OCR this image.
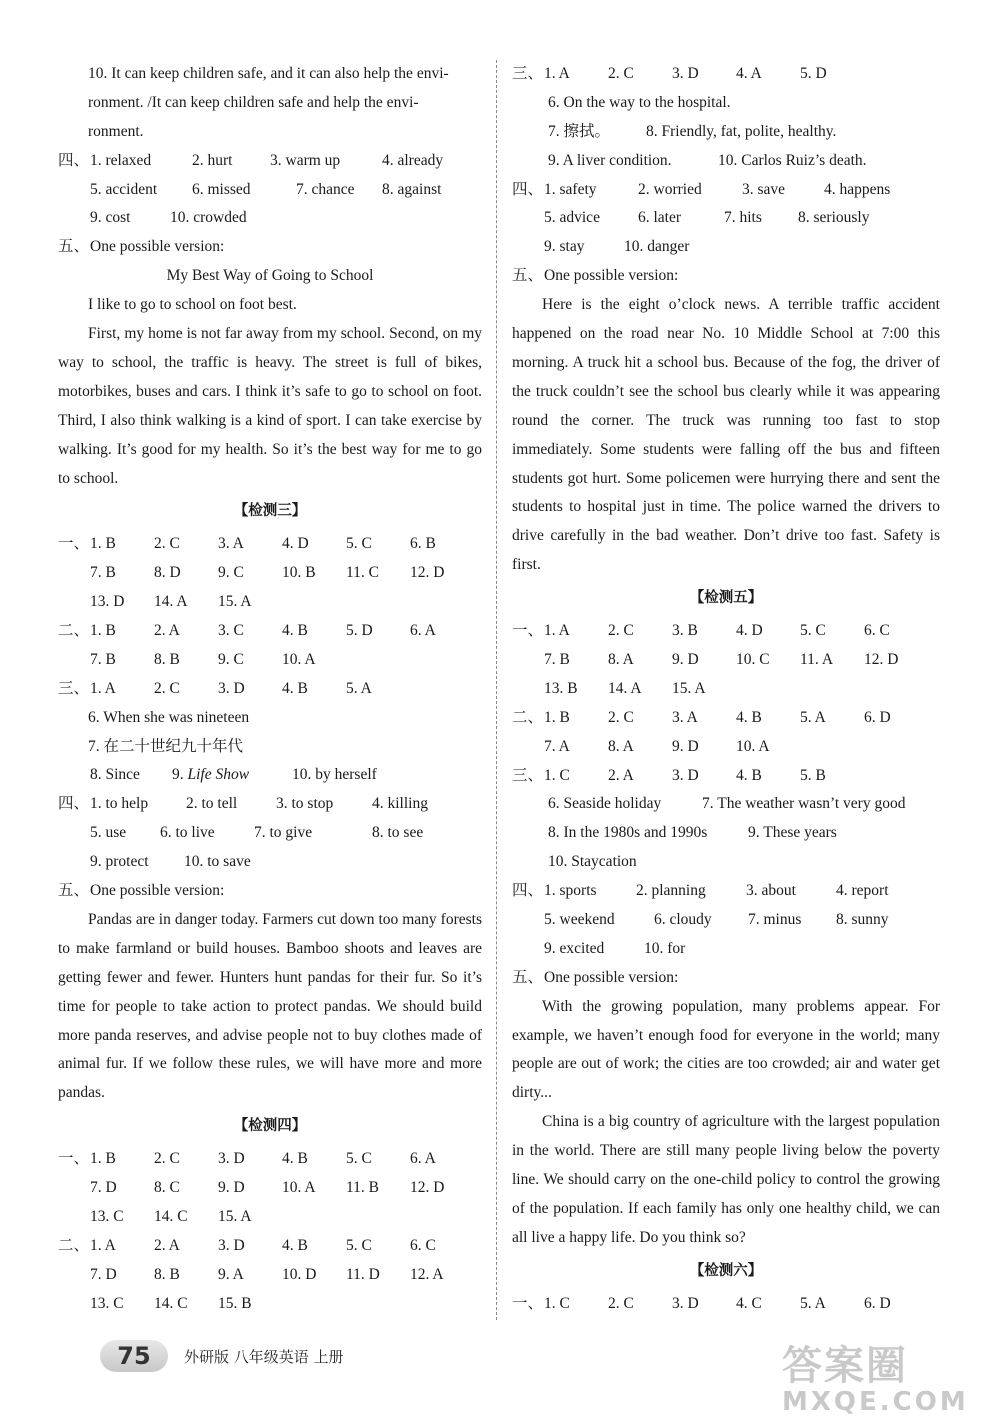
10. It can keep children safe, and it can also help the envi-
ronment. /It can keep children safe and help the envi-
ronment.
四、 1. relaxed	2. hurt	3. warm up	4. already
5. accident	6. missed	7. chance	8. against
9. cost	10. crowded
五、 One possible version:
My Best Way of Going to School
I like to go to school on foot best.

First, my home is not far away from my school. Second, on my way to school, the traffic is heavy. The street is full of bikes, motorbikes, buses and cars. I think it’s safe to go to school on foot. Third, I also think walking is a kind of sport. I can take exercise by walking. It’s good for my health. So it’s the best way for me to go to school.

【检测三】
一、 1. B	2. C	3. A	4. D	5. C	6. B
7. B	8. D	9. C	10. B	11. C	12. D
13. D	14. A	15. A
二、 1. B	2. A	3. C	4. B	5. D	6. A
7. B	8. B	9. C	10. A
三、 1. A	2. C	3. D	4. B	5. A
6. When she was nineteen
7. 在二十世纪九十年代
8. Since	9. Life Show	10. by herself
四、 1. to help	2. to tell	3. to stop	4. killing
5. use	6. to live	7. to give	8. to see
9. protect	10. to save
五、 One possible version:

Pandas are in danger today. Farmers cut down too many forests to make farmland or build houses. Bamboo shoots and leaves are getting fewer and fewer. Hunters hunt pandas for their fur. So it’s time for people to take action to protect pandas. We should build more panda reserves, and advise people not to buy clothes made of animal fur. If we follow these rules, we will have more and more pandas.

【检测四】
一、 1. B	2. C	3. D	4. B	5. C	6. A
7. D	8. C	9. D	10. A	11. B	12. D
13. C	14. C	15. A
二、 1. A	2. A	3. D	4. B	5. C	6. C
7. D	8. B	9. A	10. D	11. D	12. A
13. C	14. C	15. B
三、 1. A	2. C	3. D	4. A	5. D
6. On the way to the hospital.
7. 擦拭。	8. Friendly, fat, polite, healthy.
9. A liver condition.	10. Carlos Ruiz’s death.
四、 1. safety	2. worried	3. save	4. happens
5. advice	6. later	7. hits	8. seriously
9. stay	10. danger
五、 One possible version:

Here is the eight o’clock news. A terrible traffic accident happened on the road near No. 10 Middle School at 7:00 this morning. A truck hit a school bus. Because of the fog, the driver of the truck couldn’t see the school bus clearly while it was appearing round the corner. The truck was running too fast to stop immediately. Some students were falling off the bus and fifteen students got hurt. Some policemen were hurrying there and sent the students to hospital just in time. The police warned the drivers to drive carefully in the bad weather. Don’t drive too fast. Safety is first.

【检测五】
一、 1. A	2. C	3. B	4. D	5. C	6. C
7. B	8. A	9. D	10. C	11. A	12. D
13. B	14. A	15. A
二、 1. B	2. C	3. A	4. B	5. A	6. D
7. A	8. A	9. D	10. A
三、 1. C	2. A	3. D	4. B	5. B
6. Seaside holiday	7. The weather wasn’t very good
8. In the 1980s and 1990s	9. These years
10. Staycation
四、 1. sports	2. planning	3. about	4. report
5. weekend	6. cloudy	7. minus	8. sunny
9. excited	10. for
五、 One possible version:

With the growing population, many problems appear. For example, we haven’t enough food for everyone in the world; many people are out of work; the cities are too crowded; air and water get dirty...

China is a big country of agriculture with the largest population in the world. There are still many people living below the poverty line. We should carry on the one-child policy to control the growing of the population. If each family has only one healthy child, we can all live a happy life. Do you think so?

【检测六】
一、 1. C	2. C	3. D	4. C	5. A	6. D
75	外研版 八年级英语 上册	答案圈
MXQE.COM
